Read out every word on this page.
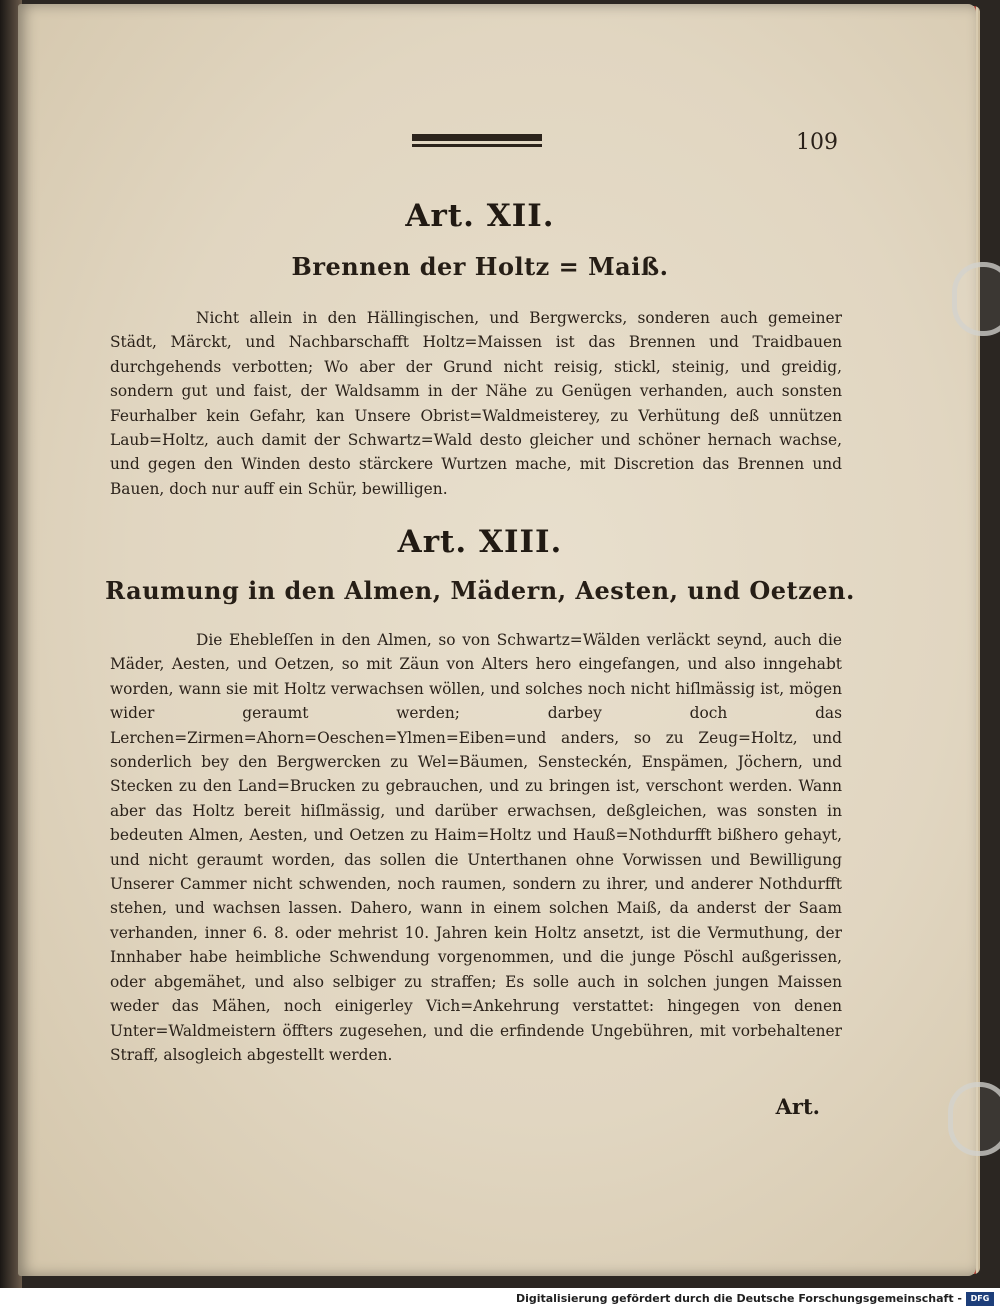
109
Art. XII.
Brennen der Holtz = Maiß.
Nicht allein in den Hällingischen, und Bergwercks, sonderen auch gemeiner Städt, Märckt, und Nachbarschafft Holtz=Maissen ist das Brennen und Traidbauen durchgehends verbotten; Wo aber der Grund nicht reisig, stickl, steinig, und greidig, sondern gut und faist, der Waldsamm in der Nähe zu Genügen verhanden, auch sonsten Feurhalber kein Gefahr, kan Unsere Obrist=Waldmeisterey, zu Verhütung deß unnützen Laub=Holtz, auch damit der Schwartz=Wald desto gleicher und schöner hernach wachse, und gegen den Winden desto stärckere Wurtzen mache, mit Discretion das Brennen und Bauen, doch nur auff ein Schür, bewilligen.
Art. XIII.
Raumung in den Almen, Mädern, Aesten, und Oetzen.
Die Ehebleſſen in den Almen, so von Schwartz=Wälden verläckt seynd, auch die Mäder, Aesten, und Oetzen, so mit Zäun von Alters hero eingefangen, und also inngehabt worden, wann sie mit Holtz verwachsen wöllen, und solches noch nicht hiſlmässig ist, mögen wider geraumt werden; darbey doch das Lerchen=Zirmen=Ahorn=Oeschen=Ylmen=Eiben=und anders, so zu Zeug=Holtz, und sonderlich bey den Bergwercken zu Wel=Bäumen, Sensteckén, Enspämen, Jöchern, und Stecken zu den Land=Brucken zu gebrauchen, und zu bringen ist, verschont werden. Wann aber das Holtz bereit hiſlmässig, und darüber erwachsen, deßgleichen, was sonsten in bedeuten Almen, Aesten, und Oetzen zu Haim=Holtz und Hauß=Nothdurfft bißhero gehayt, und nicht geraumt worden, das sollen die Unterthanen ohne Vorwissen und Bewilligung Unserer Cammer nicht schwenden, noch raumen, sondern zu ihrer, und anderer Nothdurfft stehen, und wachsen lassen. Dahero, wann in einem solchen Maiß, da anderst der Saam verhanden, inner 6. 8. oder mehrist 10. Jahren kein Holtz ansetzt, ist die Vermuthung, der Innhaber habe heimbliche Schwendung vorgenommen, und die junge Pöschl außgerissen, oder abgemähet, und also selbiger zu straffen; Es solle auch in solchen jungen Maissen weder das Mähen, noch einigerley Vich=Ankehrung verstattet: hingegen von denen Unter=Waldmeistern öffters zugesehen, und die erfindende Ungebühren, mit vorbehaltener Straff, alsogleich abgestellt werden.
Art.
Digitalisierung gefördert durch die Deutsche Forschungsgemeinschaft -	DFG
